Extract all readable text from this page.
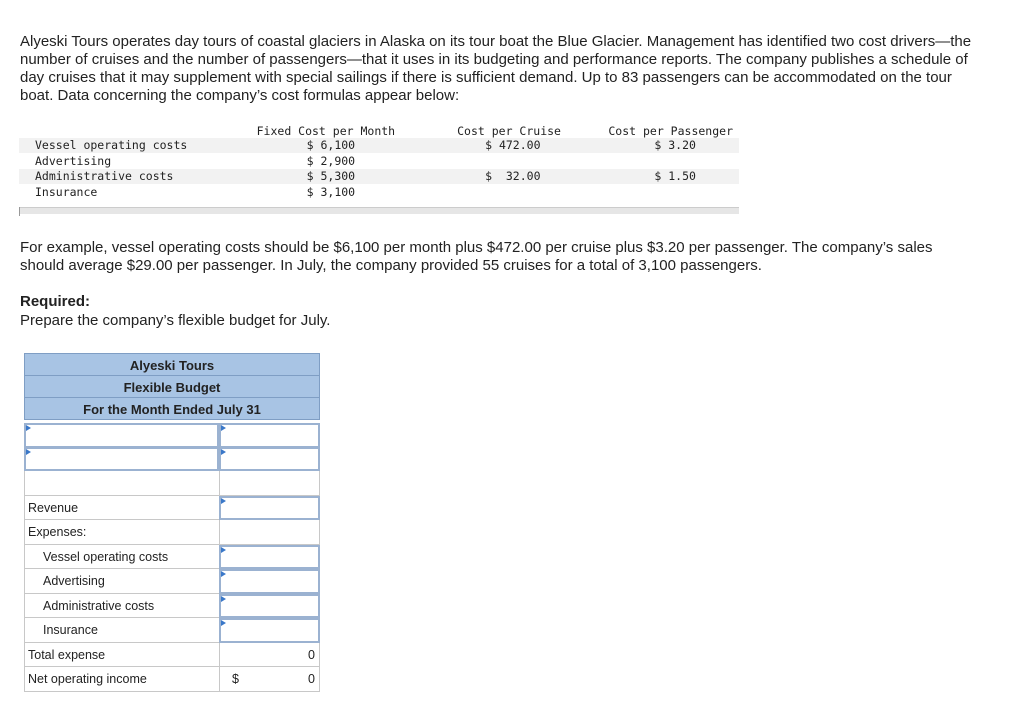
Alyeski Tours operates day tours of coastal glaciers in Alaska on its tour boat the Blue Glacier. Management has identified two cost drivers—the number of cruises and the number of passengers—that it uses in its budgeting and performance reports. The company publishes a schedule of day cruises that it may supplement with special sailings if there is sufficient demand. Up to 83 passengers can be accommodated on the tour boat. Data concerning the company’s cost formulas appear below:
	Fixed Cost per Month	Cost per Cruise	Cost per Passenger
Vessel operating costs	$ 6,100	$ 472.00	$ 3.20
Advertising	$ 2,900		
Administrative costs	$ 5,300	$  32.00	$ 1.50
Insurance	$ 3,100		
For example, vessel operating costs should be $6,100 per month plus $472.00 per cruise plus $3.20 per passenger. The company’s sales should average $29.00 per passenger. In July, the company provided 55 cruises for a total of 3,100 passengers.
Required:
Prepare the company’s flexible budget for July.
Alyeski Tours
Flexible Budget
For the Month Ended July 31
Revenue
Expenses:
Vessel operating costs
Advertising
Administrative costs
Insurance
Total expense	0
Net operating income	$	0
